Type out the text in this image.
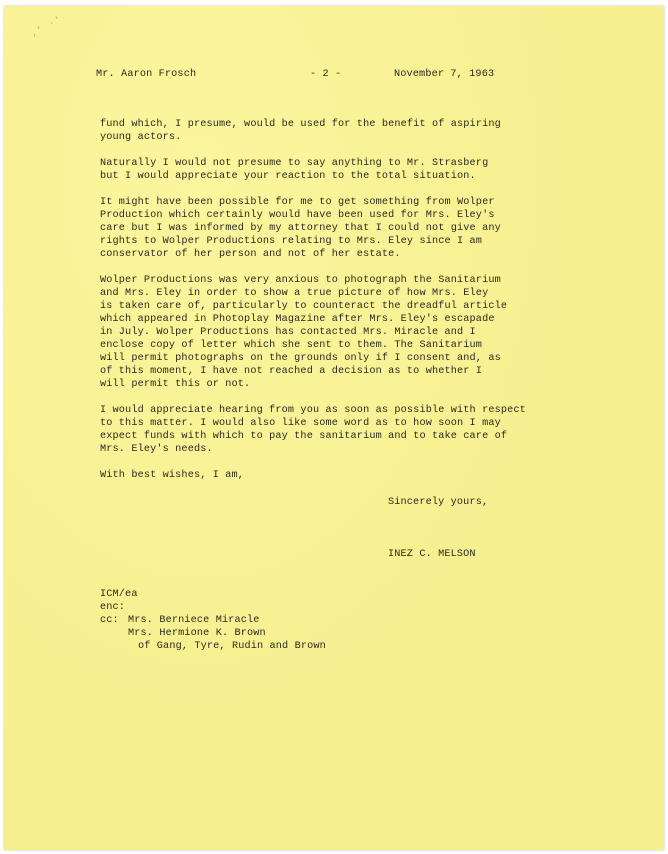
,' ·'
Mr. Aaron Frosch	- 2 -	November 7, 1963
fund which, I presume, would be used for the benefit of aspiring
young actors.
Naturally I would not presume to say anything to Mr. Strasberg
but I would appreciate your reaction to the total situation.
It might have been possible for me to get something from Wolper
Production which certainly would have been used for Mrs. Eley's
care but I was informed by my attorney that I could not give any
rights to Wolper Productions relating to Mrs. Eley since I am
conservator of her person and not of her estate.
Wolper Productions was very anxious to photograph the Sanitarium
and Mrs. Eley in order to show a true picture of how Mrs. Eley
is taken care of, particularly to counteract the dreadful article
which appeared in Photoplay Magazine after Mrs. Eley's escapade
in July. Wolper Productions has contacted Mrs. Miracle and I
enclose copy of letter which she sent to them. The Sanitarium
will permit photographs on the grounds only if I consent and, as
of this moment, I have not reached a decision as to whether I
will permit this or not.
I would appreciate hearing from you as soon as possible with respect
to this matter. I would also like some word as to how soon I may
expect funds with which to pay the sanitarium and to take care of
Mrs. Eley's needs.
With best wishes, I am,
Sincerely yours,
INEZ C. MELSON
ICM/ea
enc:
cc: Mrs. Berniece Miracle
Mrs. Hermione K. Brown
of Gang, Tyre, Rudin and Brown
